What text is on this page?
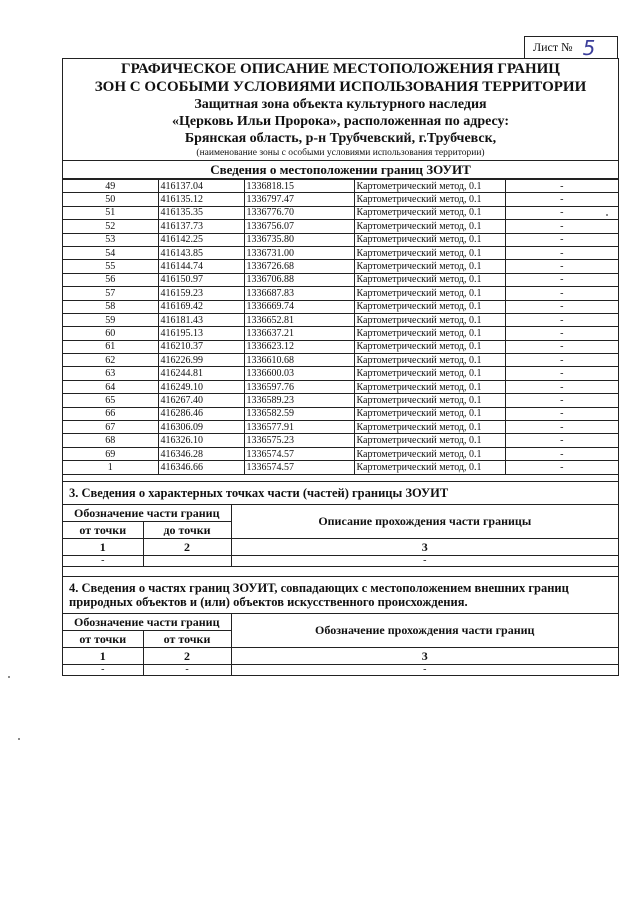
Лист № 5
ГРАФИЧЕСКОЕ ОПИСАНИЕ МЕСТОПОЛОЖЕНИЯ ГРАНИЦ
ЗОН С ОСОБЫМИ УСЛОВИЯМИ ИСПОЛЬЗОВАНИЯ ТЕРРИТОРИИ
Защитная зона объекта культурного наследия
«Церковь Ильи Пророка», расположенная по адресу:
Брянская область, р-н Трубчевский, г.Трубчевск,
(наименование зоны с особыми условиями использования территории)
Сведения о местоположении границ ЗОУИТ
49	416137.04	1336818.15	Картометрический метод, 0.1	-
50	416135.12	1336797.47	Картометрический метод, 0.1	-
51	416135.35	1336776.70	Картометрический метод, 0.1	-
52	416137.73	1336756.07	Картометрический метод, 0.1	-
53	416142.25	1336735.80	Картометрический метод, 0.1	-
54	416143.85	1336731.00	Картометрический метод, 0.1	-
55	416144.74	1336726.68	Картометрический метод, 0.1	-
56	416150.97	1336706.88	Картометрический метод, 0.1	-
57	416159.23	1336687.83	Картометрический метод, 0.1	-
58	416169.42	1336669.74	Картометрический метод, 0.1	-
59	416181.43	1336652.81	Картометрический метод, 0.1	-
60	416195.13	1336637.21	Картометрический метод, 0.1	-
61	416210.37	1336623.12	Картометрический метод, 0.1	-
62	416226.99	1336610.68	Картометрический метод, 0.1	-
63	416244.81	1336600.03	Картометрический метод, 0.1	-
64	416249.10	1336597.76	Картометрический метод, 0.1	-
65	416267.40	1336589.23	Картометрический метод, 0.1	-
66	416286.46	1336582.59	Картометрический метод, 0.1	-
67	416306.09	1336577.91	Картометрический метод, 0.1	-
68	416326.10	1336575.23	Картометрический метод, 0.1	-
69	416346.28	1336574.57	Картометрический метод, 0.1	-
1	416346.66	1336574.57	Картометрический метод, 0.1	-
3. Сведения о характерных точках части (частей) границы ЗОУИТ
Обозначение части границ		Описание прохождения части границы
от точки	до точки	
1	2	3
-		-
4. Сведения о частях границ ЗОУИТ, совпадающих с местоположением внешних границ природных объектов и (или) объектов искусственного происхождения.
Обозначение части границ		Обозначение прохождения части границ
от точки	от точки	
1	2	3
-	-	-
